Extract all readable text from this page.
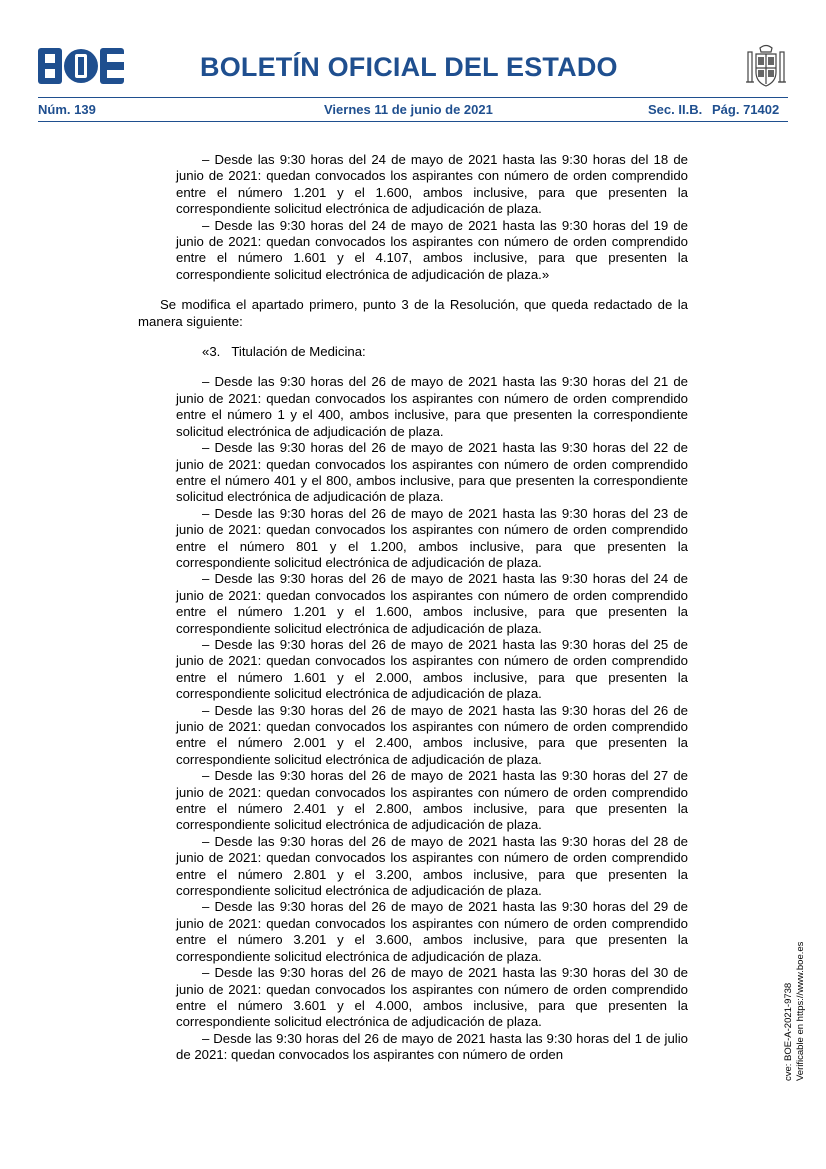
BOLETÍN OFICIAL DEL ESTADO
Núm. 139	Viernes 11 de junio de 2021	Sec. II.B. Pág. 71402

– Desde las 9:30 horas del 24 de mayo de 2021 hasta las 9:30 horas del 18 de junio de 2021: quedan convocados los aspirantes con número de orden comprendido entre el número 1.201 y el 1.600, ambos inclusive, para que presenten la correspondiente solicitud electrónica de adjudicación de plaza.

– Desde las 9:30 horas del 24 de mayo de 2021 hasta las 9:30 horas del 19 de junio de 2021: quedan convocados los aspirantes con número de orden comprendido entre el número 1.601 y el 4.107, ambos inclusive, para que presenten la correspondiente solicitud electrónica de adjudicación de plaza.»

Se modifica el apartado primero, punto 3 de la Resolución, que queda redactado de la manera siguiente:

«3.   Titulación de Medicina:

– Desde las 9:30 horas del 26 de mayo de 2021 hasta las 9:30 horas del 21 de junio de 2021: quedan convocados los aspirantes con número de orden comprendido entre el número 1 y el 400, ambos inclusive, para que presenten la correspondiente solicitud electrónica de adjudicación de plaza.

– Desde las 9:30 horas del 26 de mayo de 2021 hasta las 9:30 horas del 22 de junio de 2021: quedan convocados los aspirantes con número de orden comprendido entre el número 401 y el 800, ambos inclusive, para que presenten la correspondiente solicitud electrónica de adjudicación de plaza.

– Desde las 9:30 horas del 26 de mayo de 2021 hasta las 9:30 horas del 23 de junio de 2021: quedan convocados los aspirantes con número de orden comprendido entre el número 801 y el 1.200, ambos inclusive, para que presenten la correspondiente solicitud electrónica de adjudicación de plaza.

– Desde las 9:30 horas del 26 de mayo de 2021 hasta las 9:30 horas del 24 de junio de 2021: quedan convocados los aspirantes con número de orden comprendido entre el número 1.201 y el 1.600, ambos inclusive, para que presenten la correspondiente solicitud electrónica de adjudicación de plaza.

– Desde las 9:30 horas del 26 de mayo de 2021 hasta las 9:30 horas del 25 de junio de 2021: quedan convocados los aspirantes con número de orden comprendido entre el número 1.601 y el 2.000, ambos inclusive, para que presenten la correspondiente solicitud electrónica de adjudicación de plaza.

– Desde las 9:30 horas del 26 de mayo de 2021 hasta las 9:30 horas del 26 de junio de 2021: quedan convocados los aspirantes con número de orden comprendido entre el número 2.001 y el 2.400, ambos inclusive, para que presenten la correspondiente solicitud electrónica de adjudicación de plaza.

– Desde las 9:30 horas del 26 de mayo de 2021 hasta las 9:30 horas del 27 de junio de 2021: quedan convocados los aspirantes con número de orden comprendido entre el número 2.401 y el 2.800, ambos inclusive, para que presenten la correspondiente solicitud electrónica de adjudicación de plaza.

– Desde las 9:30 horas del 26 de mayo de 2021 hasta las 9:30 horas del 28 de junio de 2021: quedan convocados los aspirantes con número de orden comprendido entre el número 2.801 y el 3.200, ambos inclusive, para que presenten la correspondiente solicitud electrónica de adjudicación de plaza.

– Desde las 9:30 horas del 26 de mayo de 2021 hasta las 9:30 horas del 29 de junio de 2021: quedan convocados los aspirantes con número de orden comprendido entre el número 3.201 y el 3.600, ambos inclusive, para que presenten la correspondiente solicitud electrónica de adjudicación de plaza.

– Desde las 9:30 horas del 26 de mayo de 2021 hasta las 9:30 horas del 30 de junio de 2021: quedan convocados los aspirantes con número de orden comprendido entre el número 3.601 y el 4.000, ambos inclusive, para que presenten la correspondiente solicitud electrónica de adjudicación de plaza.

– Desde las 9:30 horas del 26 de mayo de 2021 hasta las 9:30 horas del 1 de julio de 2021: quedan convocados los aspirantes con número de orden	cve: BOE-A-2021-9738 Verificable en https://www.boe.es
